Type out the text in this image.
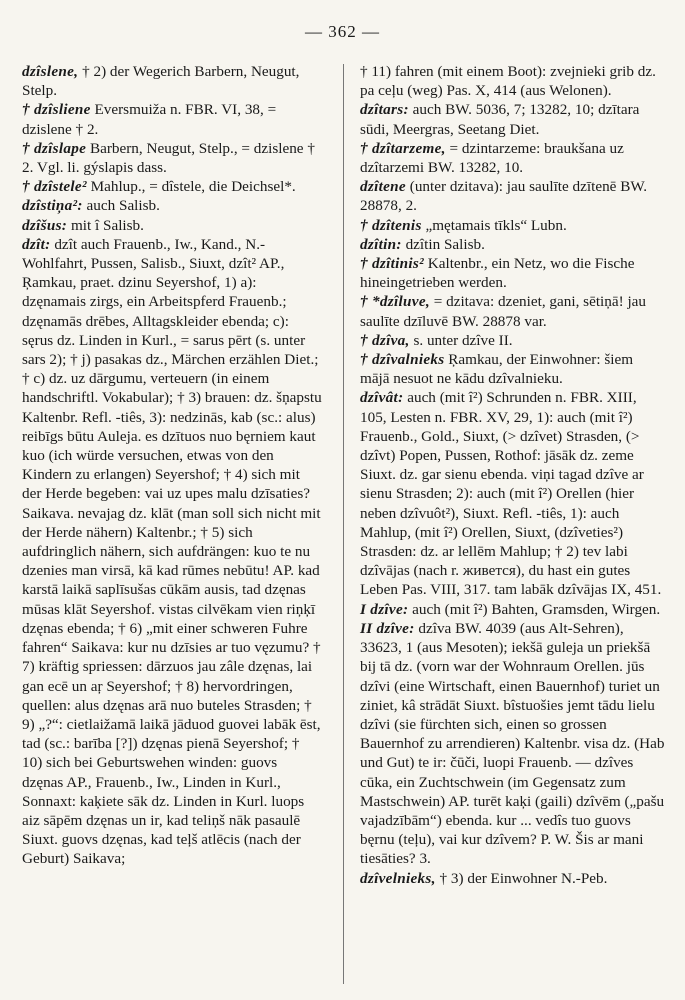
— 362 —

dzîslene, † 2) der Wegerich Barbern, Neugut, Stelp.

† dzîsliene Eversmuiža n. FBR. VI, 38, = dzislene † 2.

† dzîslape Barbern, Neugut, Stelp., = dzislene † 2. Vgl. li. gýslapis dass.

† dzîstele² Mahlup., = dîstele, die Deichsel*.

dzîstiņa²: auch Salisb.

dzîšus: mit î Salisb.

dzît: dzît auch Frauenb., Iw., Kand., N.-Wohlfahrt, Pussen, Salisb., Siuxt, dzît² AP., Ŗamkau, praet. dzinu Seyershof, 1) a): dzęnamais zirgs, ein Arbeitspferd Frauenb.; dzęnamās drēbes, Alltagskleider ebenda; c): sęrus dz. Linden in Kurl., = sarus pērt (s. unter sars 2); † j) pasakas dz., Märchen erzählen Diet.; † c) dz. uz dārgumu, verteuern (in einem handschriftl. Vokabular); † 3) brauen: dz. šņapstu Kaltenbr. Refl. -tiês, 3): nedzinās, kab (sc.: alus) reibīgs būtu Auleja. es dzītuos nuo bęrniem kaut kuo (ich würde versuchen, etwas von den Kindern zu erlangen) Seyershof; † 4) sich mit der Herde begeben: vai uz upes malu dzīsaties? Saikava. nevajag dz. klāt (man soll sich nicht mit der Herde nähern) Kaltenbr.; † 5) sich aufdringlich nähern, sich aufdrängen: kuo te nu dzenies man virsā, kā kad rūmes nebūtu! AP. kad karstā laikā saplīsušas cūkām ausis, tad dzęnas mūsas klāt Seyershof. vistas cilvēkam vien riņķī dzęnas ebenda; † 6) „mit einer schweren Fuhre fahren“ Saikava: kur nu dzīsies ar tuo vęzumu? † 7) kräftig spriessen: dārzuos jau zâle dzęnas, lai gan ecē un aŗ Seyershof; † 8) hervordringen, quellen: alus dzęnas arā nuo buteles Strasden; † 9) „?“: cietlaižamā laikā jāduod guovei labāk ēst, tad (sc.: barība [?]) dzęnas pienā Seyershof; † 10) sich bei Geburtswehen winden: guovs dzęnas AP., Frauenb., Iw., Linden in Kurl., Sonnaxt: kaķiete sāk dz. Linden in Kurl. luops aiz sāpēm dzęnas un ir, kad teliņš nāk pasaulē Siuxt. guovs dzęnas, kad teļš atlēcis (nach der Geburt) Saikava;

† 11) fahren (mit einem Boot): zvejnieki grib dz. pa ceļu (weg) Pas. X, 414 (aus Welonen).

dzîtars: auch BW. 5036, 7; 13282, 10; dzītara sūdi, Meergras, Seetang Diet.

† dzîtarzeme, = dzintarzeme: braukšana uz dzîtarzemi BW. 13282, 10.

dzîtene (unter dzitava): jau saulīte dzītenē BW. 28878, 2.

† dzîtenis „mętamais tīkls“ Lubn.

dzîtin: dzîtin Salisb.

† dzîtinis² Kaltenbr., ein Netz, wo die Fische hineingetrieben werden.

† *dzîluve, = dzitava: dzeniet, gani, sētiņā! jau saulīte dzīluvē BW. 28878 var.

† dzîva, s. unter dzîve II.

† dzîvalnieks Ŗamkau, der Einwohner: šiem mājā nesuot ne kādu dzîvalnieku.

dzîvât: auch (mit î²) Schrunden n. FBR. XIII, 105, Lesten n. FBR. XV, 29, 1): auch (mit î²) Frauenb., Gold., Siuxt, (> dzîvet) Strasden, (> dzîvt) Popen, Pussen, Rothof: jāsāk dz. zeme Siuxt. dz. gar sienu ebenda. viņi tagad dzîve ar sienu Strasden; 2): auch (mit î²) Orellen (hier neben dzîvuôt²), Siuxt. Refl. -tiês, 1): auch Mahlup, (mit î²) Orellen, Siuxt, (dzîveties²) Strasden: dz. ar lellēm Mahlup; † 2) tev labi dzîvājas (nach r. живется), du hast ein gutes Leben Pas. VIII, 317. tam labāk dzîvājas IX, 451.

I dzîve: auch (mit î²) Bahten, Gramsden, Wirgen.

II dzîve: dzîva BW. 4039 (aus Alt-Sehren), 33623, 1 (aus Mesoten); iekšā guleja un priekšā bij tā dz. (vorn war der Wohnraum Orellen. jūs dzîvi (eine Wirtschaft, einen Bauernhof) turiet un ziniet, kâ strādāt Siuxt. bîstuošies jemt tādu lielu dzîvi (sie fürchten sich, einen so grossen Bauernhof zu arrendieren) Kaltenbr. visa dz. (Hab und Gut) te ir: čūči, luopi Frauenb. — dzîves cūka, ein Zuchtschwein (im Gegensatz zum Mastschwein) AP. turēt kaķi (gaili) dzîvēm („pašu vajadzībām“) ebenda. kur ... vedîs tuo guovs bęrnu (teļu), vai kur dzîvem? P. W. Šis ar mani tiesāties? 3.

dzîvelnieks, † 3) der Einwohner N.-Peb.
